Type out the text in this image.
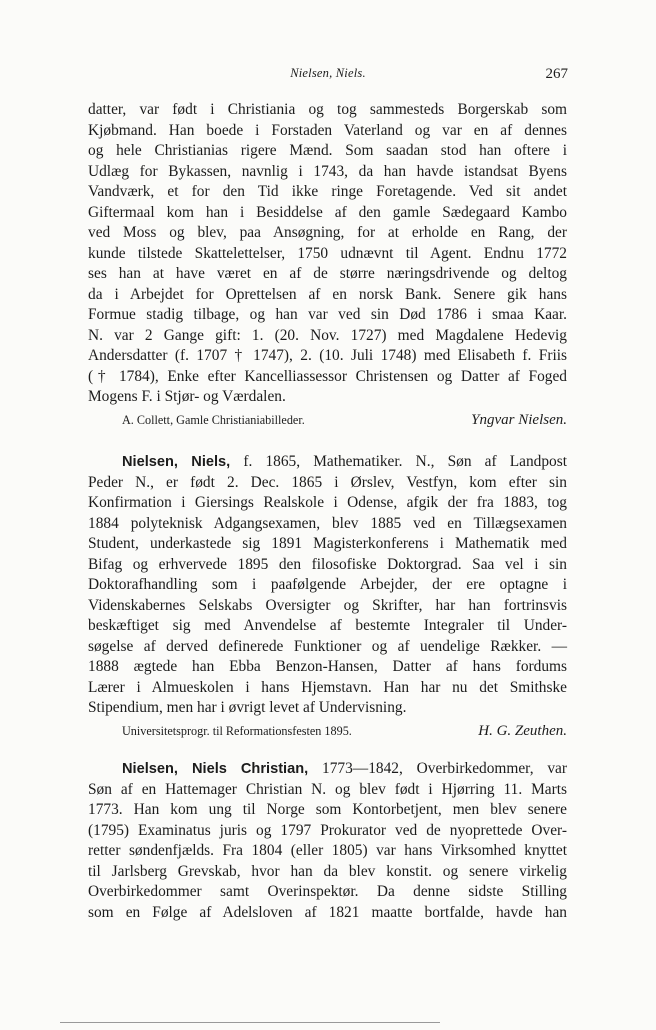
Nielsen, Niels.	267
datter, var født i Christiania og tog sammesteds Borgerskab som
Kjøbmand. Han boede i Forstaden Vaterland og var en af dennes
og hele Christianias rigere Mænd. Som saadan stod han oftere i
Udlæg for Bykassen, navnlig i 1743, da han havde istandsat Byens
Vandværk, et for den Tid ikke ringe Foretagende. Ved sit andet
Giftermaal kom han i Besiddelse af den gamle Sædegaard Kambo
ved Moss og blev, paa Ansøgning, for at erholde en Rang, der
kunde tilstede Skattelettelser, 1750 udnævnt til Agent. Endnu 1772
ses han at have været en af de større næringsdrivende og deltog
da i Arbejdet for Oprettelsen af en norsk Bank. Senere gik hans
Formue stadig tilbage, og han var ved sin Død 1786 i smaa Kaar.
N. var 2 Gange gift: 1. (20. Nov. 1727) med Magdalene Hedevig
Andersdatter (f. 1707 † 1747), 2. (10. Juli 1748) med Elisabeth f. Friis
(† 1784), Enke efter Kancelliassessor Christensen og Datter af Foged
Mogens F. i Stjør- og Værdalen.
A. Collett, Gamle Christianiabilleder.	Yngvar Nielsen.
Nielsen, Niels, f. 1865, Mathematiker. N., Søn af Landpost
Peder N., er født 2. Dec. 1865 i Ørslev, Vestfyn, kom efter sin
Konfirmation i Giersings Realskole i Odense, afgik der fra 1883, tog
1884 polyteknisk Adgangsexamen, blev 1885 ved en Tillægsexamen
Student, underkastede sig 1891 Magisterkonferens i Mathematik med
Bifag og erhvervede 1895 den filosofiske Doktorgrad. Saa vel i sin
Doktorafhandling som i paafølgende Arbejder, der ere optagne i
Videnskabernes Selskabs Oversigter og Skrifter, har han fortrinsvis
beskæftiget sig med Anvendelse af bestemte Integraler til Under-
søgelse af derved definerede Funktioner og af uendelige Rækker. —
1888 ægtede han Ebba Benzon-Hansen, Datter af hans fordums
Lærer i Almueskolen i hans Hjemstavn. Han har nu det Smithske
Stipendium, men har i øvrigt levet af Undervisning.
Universitetsprogr. til Reformationsfesten 1895.	H. G. Zeuthen.
Nielsen, Niels Christian, 1773—1842, Overbirkedommer, var
Søn af en Hattemager Christian N. og blev født i Hjørring 11. Marts
1773. Han kom ung til Norge som Kontorbetjent, men blev senere
(1795) Examinatus juris og 1797 Prokurator ved de nyoprettede Over-
retter søndenfjælds. Fra 1804 (eller 1805) var hans Virksomhed knyttet
til Jarlsberg Grevskab, hvor han da blev konstit. og senere virkelig
Overbirkedommer samt Overinspektør. Da denne sidste Stilling
som en Følge af Adelsloven af 1821 maatte bortfalde, havde han
